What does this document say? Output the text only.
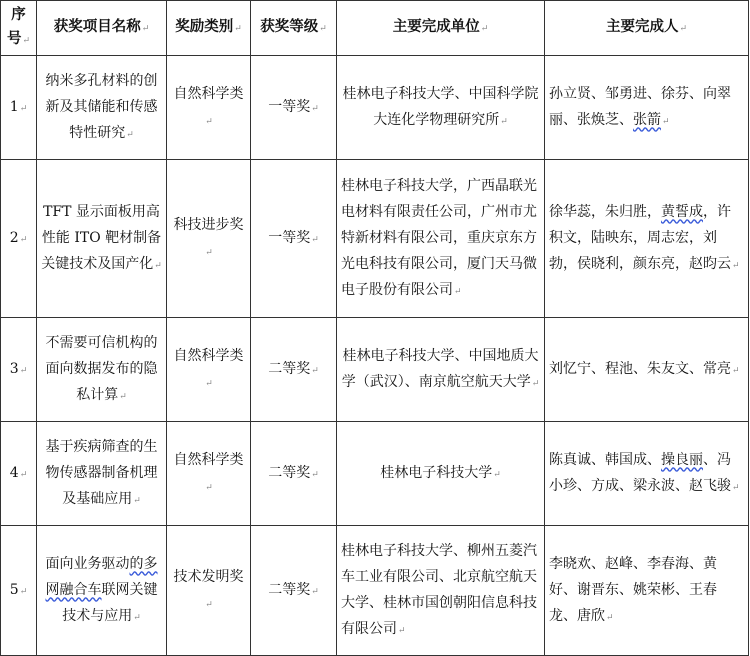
序号↵	获奖项目名称↵	奖励类别↵	获奖等级↵	主要完成单位↵	主要完成人↵
1↵	纳米多孔材料的创新及其储能和传感特性研究↵	自然科学类↵	一等奖↵	桂林电子科技大学、中国科学院大连化学物理研究所↵	孙立贤、邹勇进、徐芬、向翠丽、张焕芝、张箭↵
2↵	TFT 显示面板用高性能 ITO 靶材制备关键技术及国产化↵	科技进步奖↵	一等奖↵	桂林电子科技大学，广西晶联光电材料有限责任公司，广州市尤特新材料有限公司，重庆京东方光电科技有限公司，厦门天马微电子股份有限公司↵	徐华蕊，朱归胜，黄誓成，许积文，陆映东，周志宏，刘勃，侯晓利，颜东亮，赵昀云↵
3↵	不需要可信机构的面向数据发布的隐私计算↵	自然科学类↵	二等奖↵	桂林电子科技大学、中国地质大学（武汉）、南京航空航天大学↵	刘忆宁、程池、朱友文、常亮↵
4↵	基于疾病筛查的生物传感器制备机理及基础应用↵	自然科学类↵	二等奖↵	桂林电子科技大学↵	陈真诚、韩国成、操良丽、冯小珍、方成、梁永波、赵飞骏↵
5↵	面向业务驱动的多网融合车联网关键技术与应用↵	技术发明奖↵	二等奖↵	桂林电子科技大学、柳州五菱汽车工业有限公司、北京航空航天大学、桂林市国创朝阳信息科技有限公司↵	李晓欢、赵峰、李春海、黄好、谢晋东、姚荣彬、王春龙、唐欣↵
